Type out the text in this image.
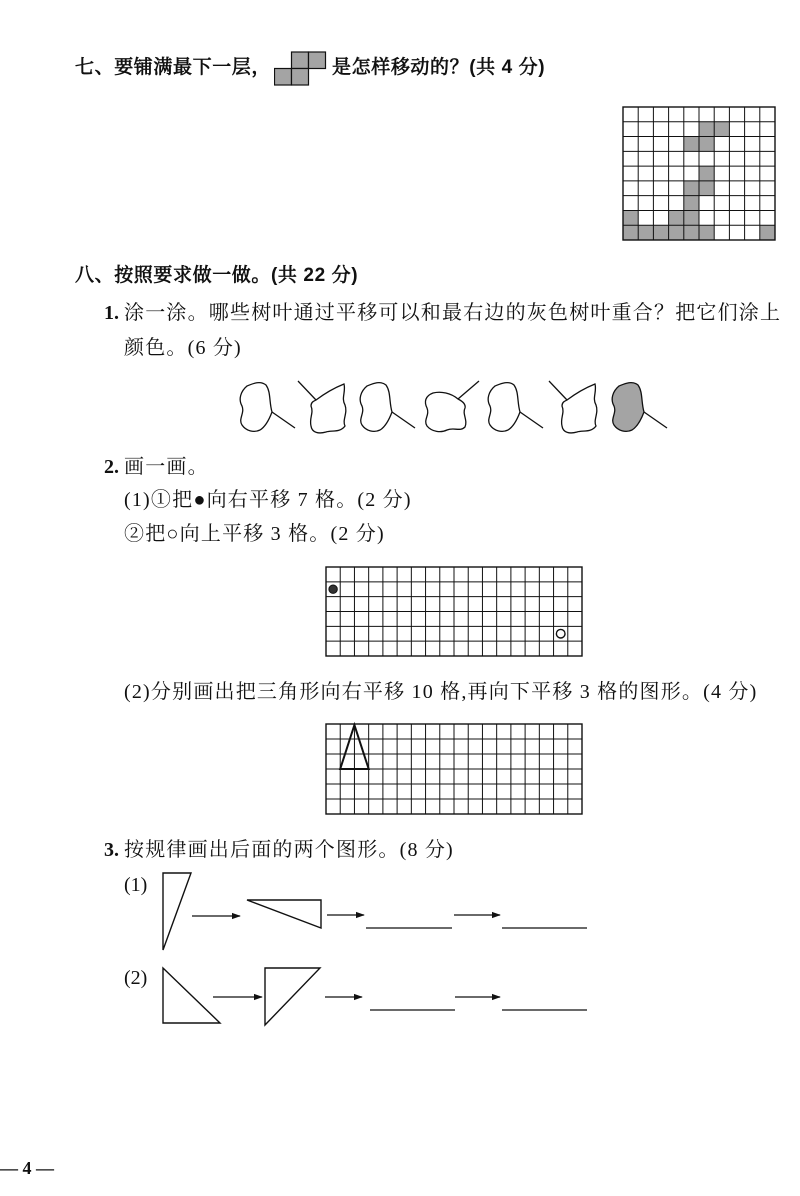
七、要铺满最下一层，	是怎样移动的？(共 4 分)
八、按照要求做一做。(共 22 分)
1. 涂一涂。哪些树叶通过平移可以和最右边的灰色树叶重合？把它们涂上
颜色。(6 分)
2. 画一画。
(1)①把●向右平移 7 格。(2 分)
②把○向上平移 3 格。(2 分)
(2)分别画出把三角形向右平移 10 格,再向下平移 3 格的图形。(4 分)
3. 按规律画出后面的两个图形。(8 分)
(1)
(2)
— 4 —
